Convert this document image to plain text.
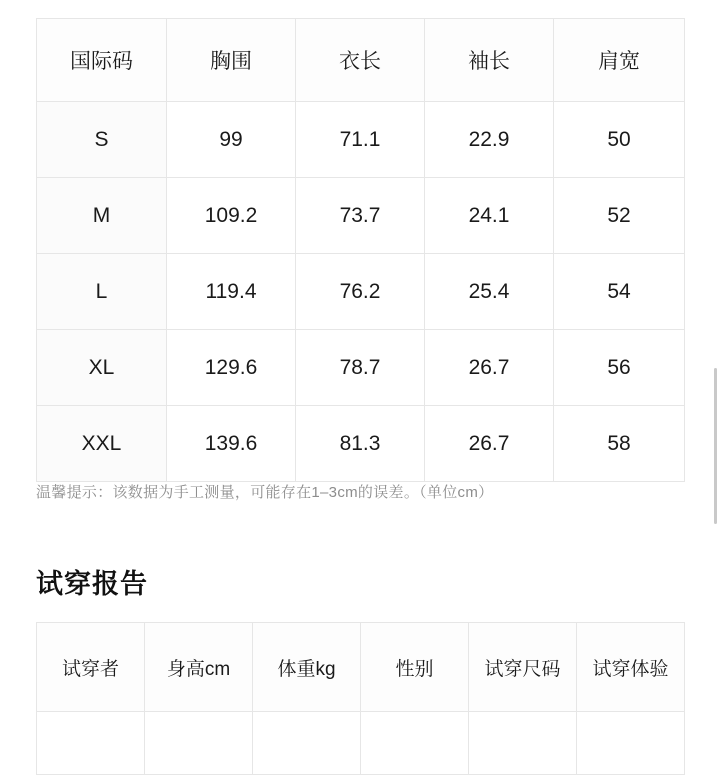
国际码	胸围	衣长	袖长	肩宽
S	99	71.1	22.9	50
M	109.2	73.7	24.1	52
L	119.4	76.2	25.4	54
XL	129.6	78.7	26.7	56
XXL	139.6	81.3	26.7	58
温馨提示：该数据为手工测量，可能存在1–3cm的误差。（单位cm）
试穿报告
试穿者	身高cm	体重kg	性别	试穿尺码	试穿体验
